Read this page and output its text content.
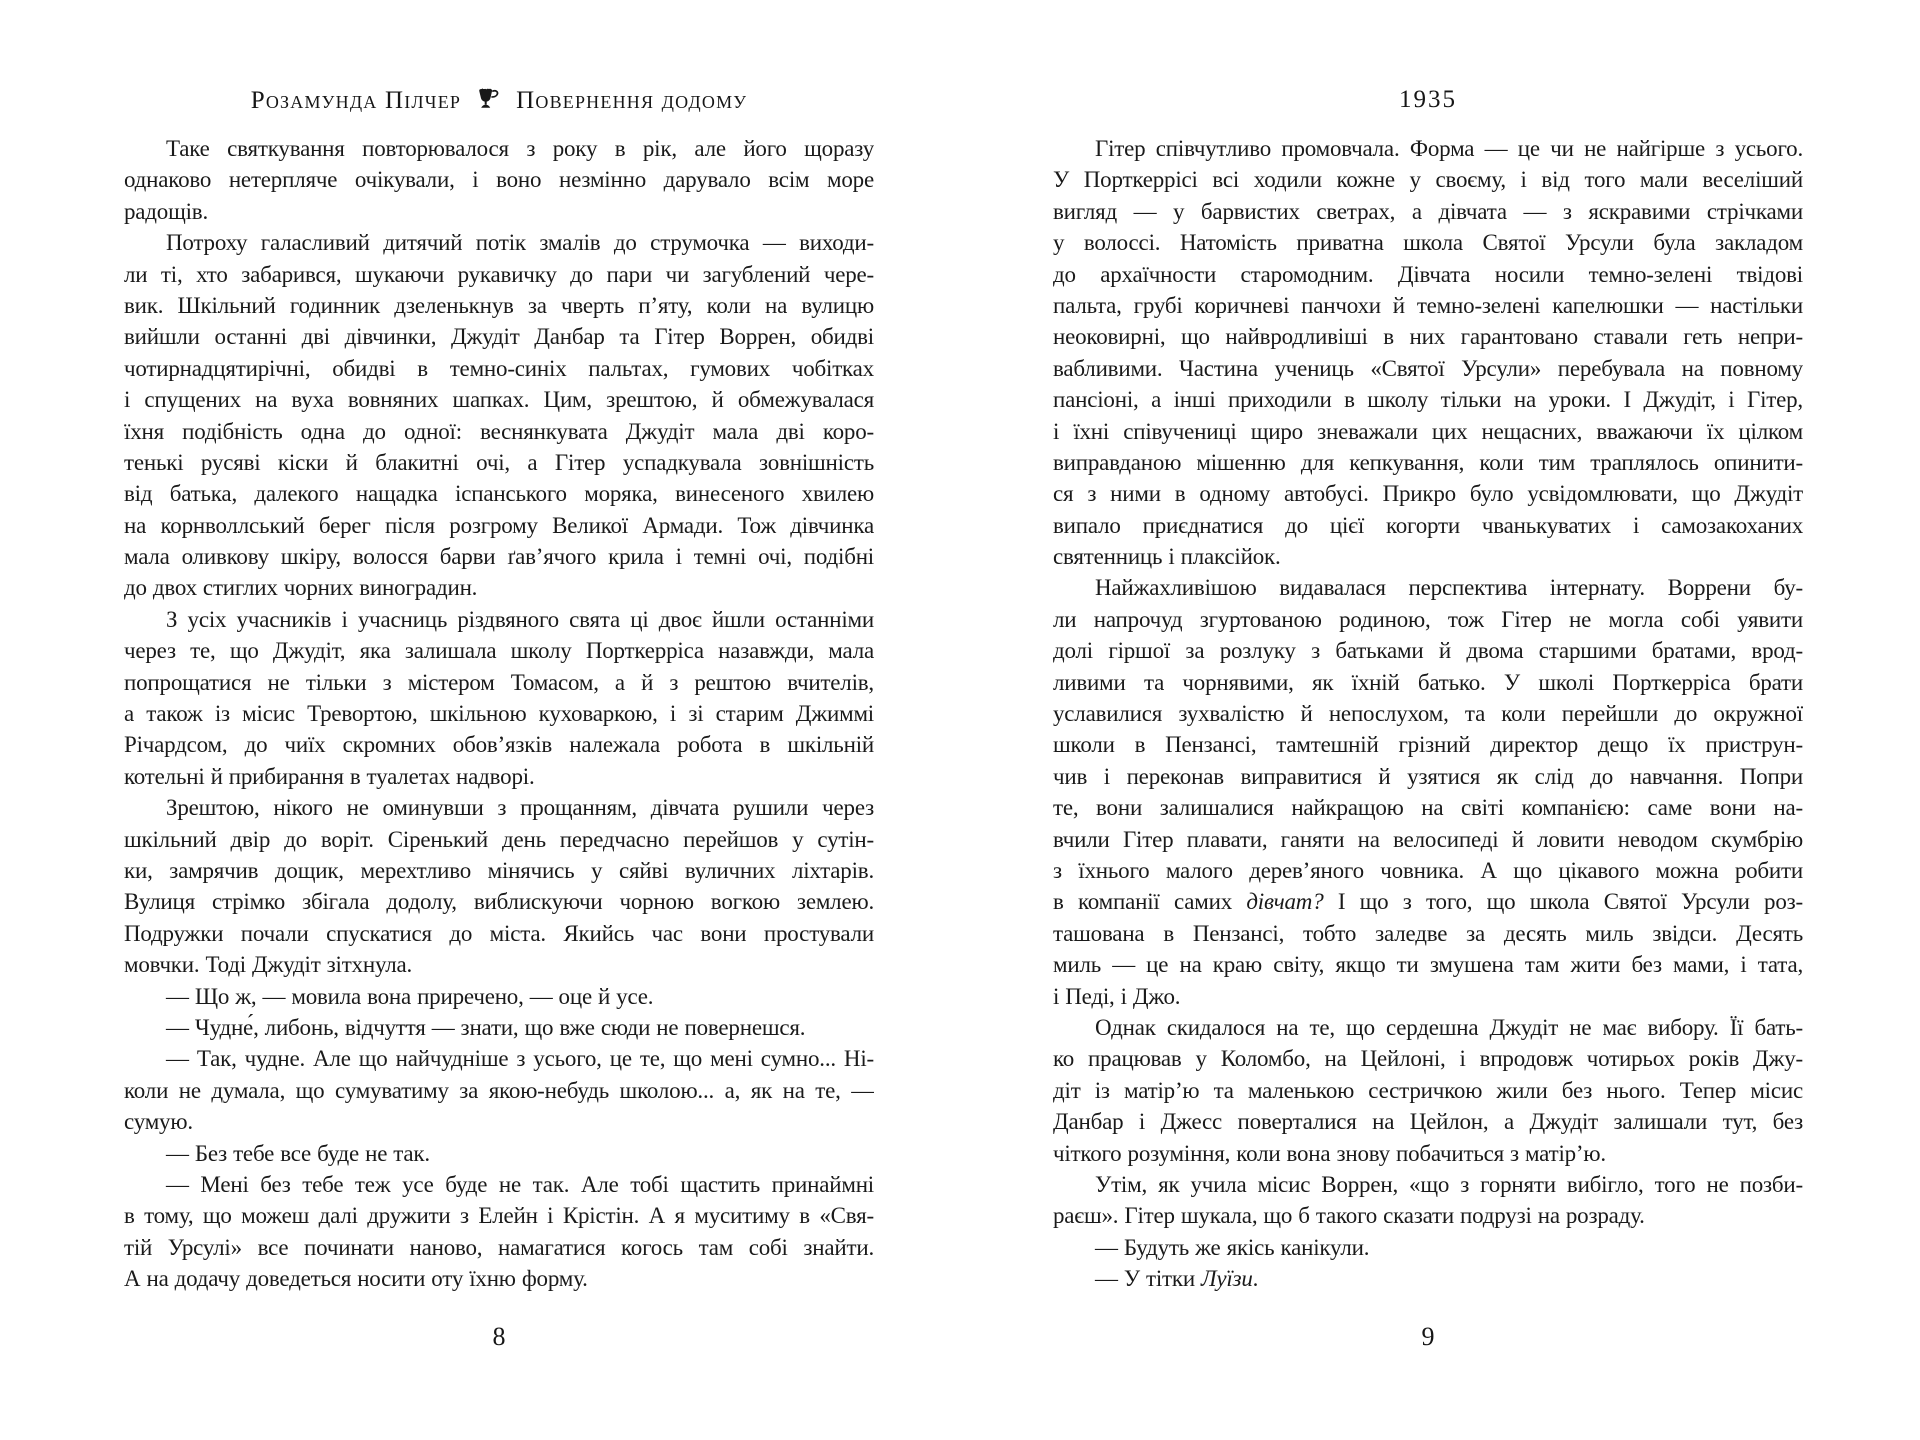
Розамунда Пілчер Повернення додому
Таке святкування повторювалося з року в рік, але його щоразу
однаково нетерпляче очікували, і воно незмінно дарувало всім море
радощів.
Потроху галасливий дитячий потік змалів до струмочка — виходи-
ли ті, хто забарився, шукаючи рукавичку до пари чи загублений чере-
вик. Шкільний годинник дзеленькнув за чверть п’яту, коли на вулицю
вийшли останні дві дівчинки, Джудіт Данбар та Гітер Воррен, обидві
чотирнадцятирічні, обидві в темно-синіх пальтах, гумових чобітках
і спущених на вуха вовняних шапках. Цим, зрештою, й обмежувалася
їхня подібність одна до одної: веснянкувата Джудіт мала дві коро-
тенькі русяві кіски й блакитні очі, а Гітер успадкувала зовнішність
від батька, далекого нащадка іспанського моряка, винесеного хвилею
на корнволлський берег після розгрому Великої Армади. Тож дівчинка
мала оливкову шкіру, волосся барви ґав’ячого крила і темні очі, подібні
до двох стиглих чорних виноградин.
З усіх учасників і учасниць різдвяного свята ці двоє йшли останніми
через те, що Джудіт, яка залишала школу Порткерріса назавжди, мала
попрощатися не тільки з містером Томасом, а й з рештою вчителів,
а також із місис Тревортою, шкільною куховаркою, і зі старим Джиммі
Річардсом, до чиїх скромних обов’язків належала робота в шкільній
котельні й прибирання в туалетах надворі.
Зрештою, нікого не оминувши з прощанням, дівчата рушили через
шкільний двір до воріт. Сіренький день передчасно перейшов у сутін-
ки, замрячив дощик, мерехтливо мінячись у сяйві вуличних ліхтарів.
Вулиця стрімко збігала додолу, виблискуючи чорною вогкою землею.
Подружки почали спускатися до міста. Якийсь час вони простували
мовчки. Тоді Джудіт зітхнула.
— Що ж, — мовила вона приречено, — оце й усе.
— Чудне́, либонь, відчуття — знати, що вже сюди не повернешся.
— Так, чудне. Але що найчудніше з усього, це те, що мені сумно... Ні-
коли не думала, що сумуватиму за якою-небудь школою... а, як на те, —
сумую.
— Без тебе все буде не так.
— Мені без тебе теж усе буде не так. Але тобі щастить принаймні
в тому, що можеш далі дружити з Елейн і Крістін. А я муситиму в «Свя-
тій Урсулі» все починати наново, намагатися когось там собі знайти.
А на додачу доведеться носити оту їхню форму.
8
1935
Гітер співчутливо промовчала. Форма — це чи не найгірше з усього.
У Порткеррісі всі ходили кожне у своєму, і від того мали веселіший
вигляд — у барвистих светрах, а дівчата — з яскравими стрічками
у волоссі. Натомість приватна школа Святої Урсули була закладом
до архаїчности старомодним. Дівчата носили темно-зелені твідові
пальта, грубі коричневі панчохи й темно-зелені капелюшки — настільки
неоковирні, що найвродливіші в них гарантовано ставали геть непри-
вабливими. Частина учениць «Святої Урсули» перебувала на повному
пансіоні, а інші приходили в школу тільки на уроки. І Джудіт, і Гітер,
і їхні співучениці щиро зневажали цих нещасних, вважаючи їх цілком
виправданою мішенню для кепкування, коли тим траплялось опинити-
ся з ними в одному автобусі. Прикро було усвідомлювати, що Джудіт
випало приєднатися до цієї когорти чванькуватих і самозакоханих
святенниць і плаксійок.
Найжахливішою видавалася перспектива інтернату. Воррени бу-
ли напрочуд згуртованою родиною, тож Гітер не могла собі уявити
долі гіршої за розлуку з батьками й двома старшими братами, врод-
ливими та чорнявими, як їхній батько. У школі Порткерріса брати
уславилися зухвалістю й непослухом, та коли перейшли до окружної
школи в Пензансі, тамтешній грізний директор дещо їх приструн-
чив і переконав виправитися й узятися як слід до навчання. Попри
те, вони залишалися найкращою на світі компанією: саме вони на-
вчили Гітер плавати, ганяти на велосипеді й ловити неводом скумбрію
з їхнього малого дерев’яного човника. А що цікавого можна робити
в компанії самих дівчат? І що з того, що школа Святої Урсули роз-
ташована в Пензансі, тобто заледве за десять миль звідси. Десять
миль — це на краю світу, якщо ти змушена там жити без мами, і тата,
і Педі, і Джо.
Однак скидалося на те, що сердешна Джудіт не має вибору. Її бать-
ко працював у Коломбо, на Цейлоні, і впродовж чотирьох років Джу-
діт із матір’ю та маленькою сестричкою жили без нього. Тепер місис
Данбар і Джесс поверталися на Цейлон, а Джудіт залишали тут, без
чіткого розуміння, коли вона знову побачиться з матір’ю.
Утім, як учила місис Воррен, «що з горняти вибігло, того не позби-
раєш». Гітер шукала, що б такого сказати подрузі на розраду.
— Будуть же якісь канікули.
— У тітки Луїзи.
9
